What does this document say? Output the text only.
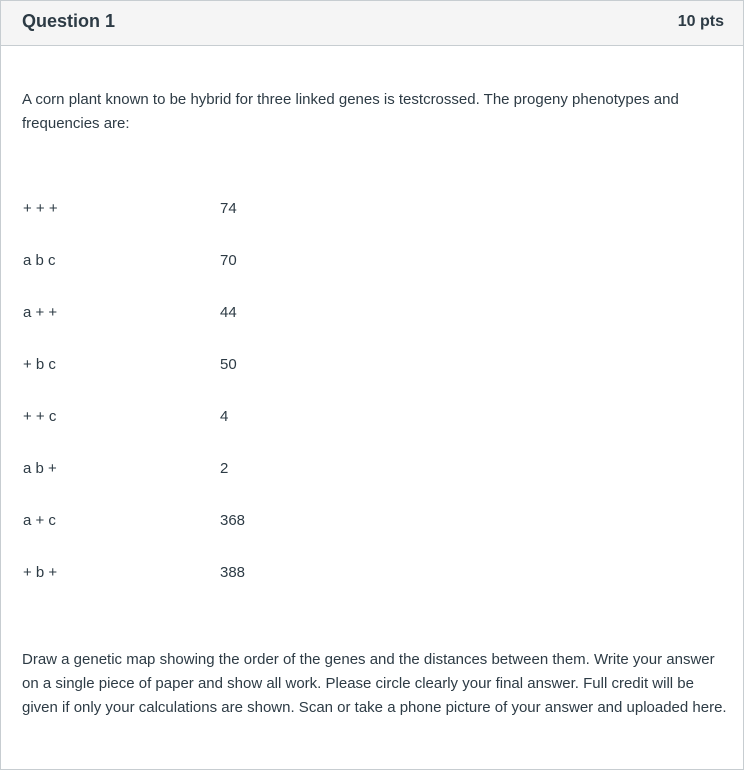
Question 1	10 pts

A corn plant known to be hybrid for three linked genes is testcrossed. The progeny phenotypes and frequencies are:

+ + +	74
a b c	70
a + +	44
+ b c	50
+ + c	4
a b +	2
a + c	368
+ b +	388

Draw a genetic map showing the order of the genes and the distances between them. Write your answer on a single piece of paper and show all work. Please circle clearly your final answer. Full credit will be given if only your calculations are shown. Scan or take a phone picture of your answer and uploaded here.
